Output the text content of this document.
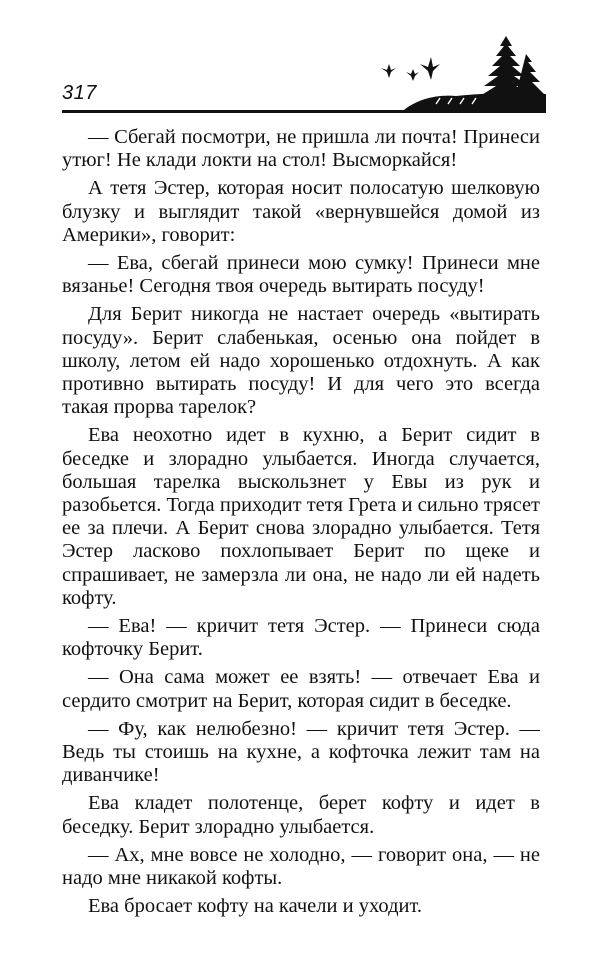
317

— Сбегай посмотри, не пришла ли почта! Принеси утюг! Не клади локти на стол! Высморкайся!

А тетя Эстер, которая носит полосатую шелковую блузку и выглядит такой «вернувшейся домой из Америки», говорит:

— Ева, сбегай принеси мою сумку! Принеси мне вязанье! Сегодня твоя очередь вытирать посуду!

Для Берит никогда не настает очередь «вытирать посуду». Берит слабенькая, осенью она пойдет в школу, летом ей надо хорошенько отдохнуть. А как противно вытирать посуду! И для чего это всегда такая прорва тарелок?

Ева неохотно идет в кухню, а Берит сидит в беседке и злорадно улыбается. Иногда случается, большая тарелка выскользнет у Евы из рук и разобьется. Тогда приходит тетя Грета и сильно трясет ее за плечи. А Берит снова злорадно улыбается. Тетя Эстер ласково похлопывает Берит по щеке и спрашивает, не замерзла ли она, не надо ли ей надеть кофту.

— Ева! — кричит тетя Эстер. — Принеси сюда кофточку Берит.

— Она сама может ее взять! — отвечает Ева и сердито смотрит на Берит, которая сидит в беседке.

— Фу, как нелюбезно! — кричит тетя Эстер. — Ведь ты стоишь на кухне, а кофточка лежит там на диванчике!

Ева кладет полотенце, берет кофту и идет в беседку. Берит злорадно улыбается.

— Ах, мне вовсе не холодно, — говорит она, — не надо мне никакой кофты.

Ева бросает кофту на качели и уходит.
